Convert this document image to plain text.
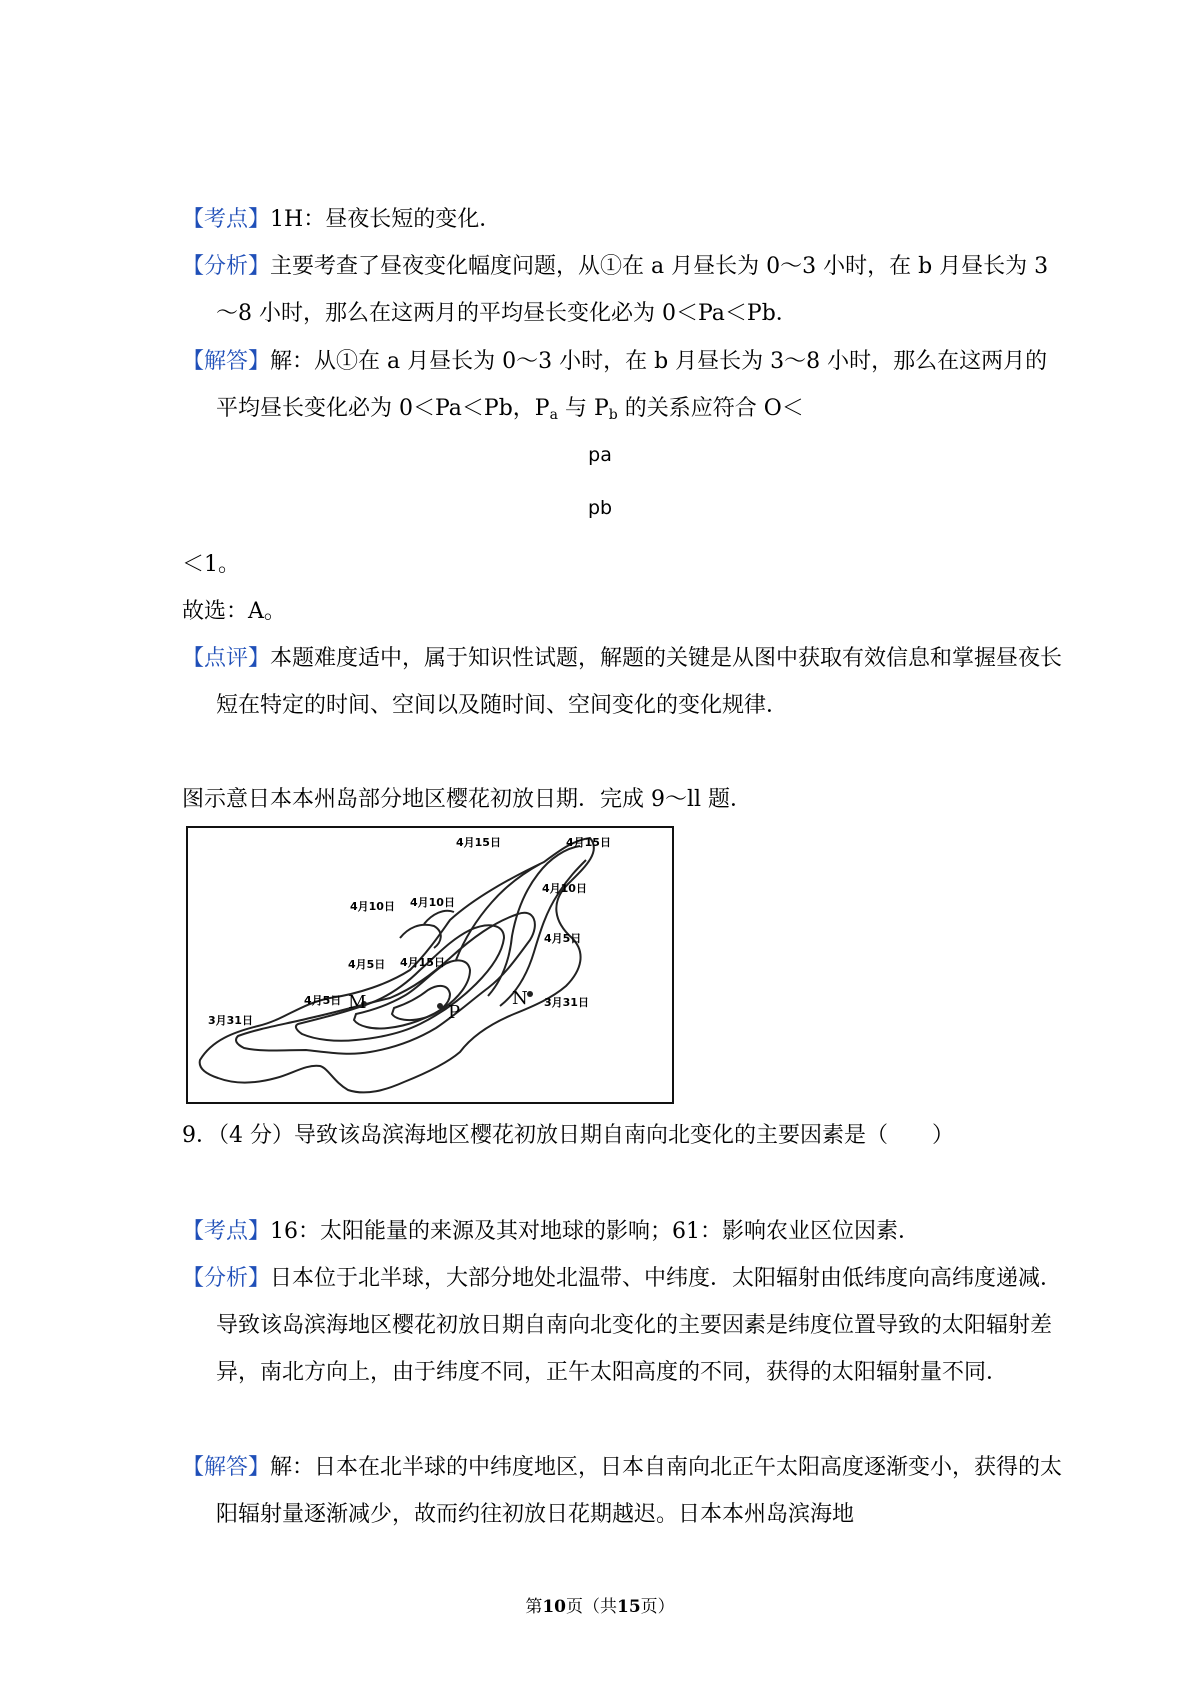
【考点】1H：昼夜长短的变化．

【分析】主要考查了昼夜变化幅度问题，从①在 a 月昼长为 0～3 小时，在 b 月昼长为 3～8 小时，那么在这两月的平均昼长变化必为 0＜Pa＜Pb．

【解答】解：从①在 a 月昼长为 0～3 小时，在 b 月昼长为 3～8 小时，那么在这两月的平均昼长变化必为 0＜Pa＜Pb，$P_a$ 与 $P_b$ 的关系应符合 O＜

pa
pb

＜1。

故选：A。

【点评】本题难度适中，属于知识性试题，解题的关键是从图中获取有效信息和掌握昼夜长短在特定的时间、空间以及随时间、空间变化的变化规律．

图示意日本本州岛部分地区樱花初放日期．完成 9～ll 题．

4月15日	4月15日
4月10日 4月10日
4月10日
4月5日
4月5日
4月5日
4月15日
3月31日
3月31日
M	P
N

9．（4 分）导致该岛滨海地区樱花初放日期自南向北变化的主要因素是（　　）

【考点】16：太阳能量的来源及其对地球的影响；61：影响农业区位因素．

【分析】日本位于北半球，大部分地处北温带、中纬度．太阳辐射由低纬度向高纬度递减．导致该岛滨海地区樱花初放日期自南向北变化的主要因素是纬度位置导致的太阳辐射差异，南北方向上，由于纬度不同，正午太阳高度的不同，获得的太阳辐射量不同．

【解答】解：日本在北半球的中纬度地区，日本自南向北正午太阳高度逐渐变小，获得的太阳辐射量逐渐减少，故而约往初放日花期越迟。日本本州岛滨海地

第10页（共15页）
